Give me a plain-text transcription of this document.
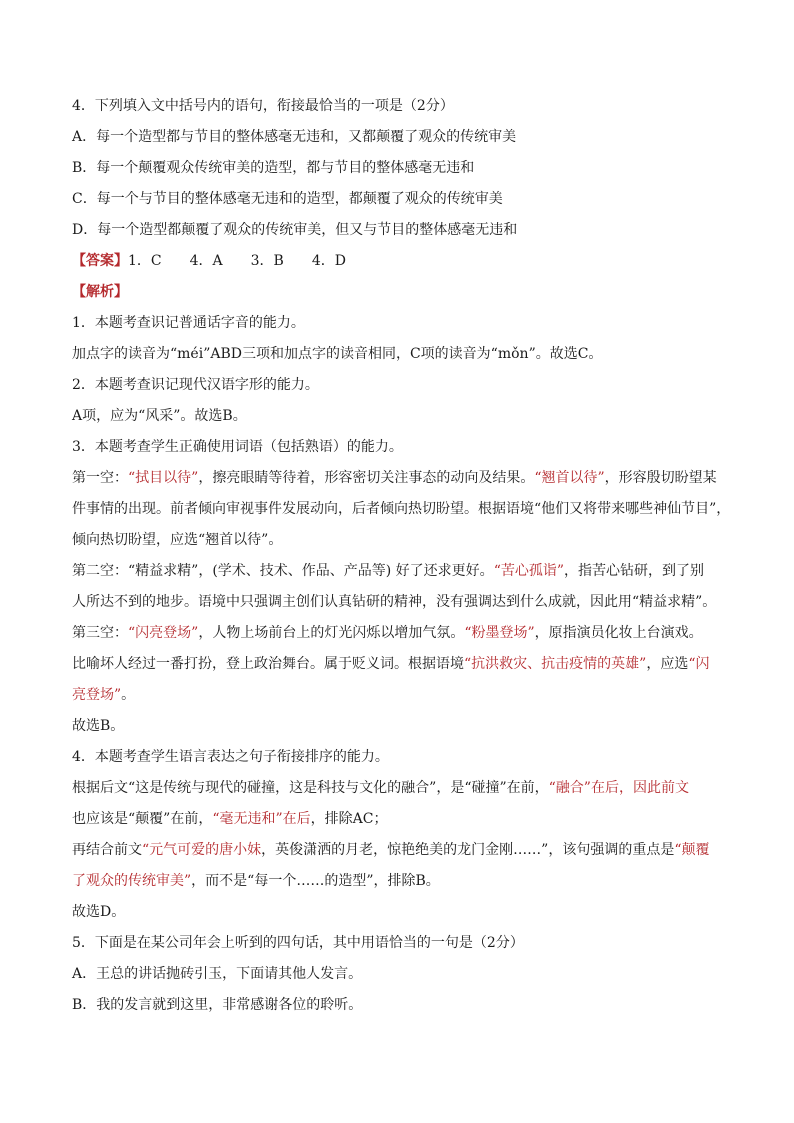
4．下列填入文中括号内的语句，衔接最恰当的一项是（2分）
A．每一个造型都与节目的整体感毫无违和，又都颠覆了观众的传统审美
B．每一个颠覆观众传统审美的造型，都与节目的整体感毫无违和
C．每一个与节目的整体感毫无违和的造型，都颠覆了观众的传统审美
D．每一个造型都颠覆了观众的传统审美，但又与节目的整体感毫无违和
【答案】1．C　　4．A　　3．B　　4．D
【解析】
1．本题考查识记普通话字音的能力。
加点字的读音为“méi”ABD三项和加点字的读音相同，C项的读音为“mǒn”。故选C。
2．本题考查识记现代汉语字形的能力。
A项，应为“风采”。故选B。
3．本题考查学生正确使用词语（包括熟语）的能力。
第一空：“拭目以待”，擦亮眼睛等待着，形容密切关注事态的动向及结果。“翘首以待”，形容殷切盼望某
件事情的出现。前者倾向审视事件发展动向，后者倾向热切盼望。根据语境“他们又将带来哪些神仙节目”，
倾向热切盼望，应选“翘首以待”。
第二空：“精益求精”，(学术、技术、作品、产品等) 好了还求更好。“苦心孤诣”，指苦心钻研，到了别
人所达不到的地步。语境中只强调主创们认真钻研的精神，没有强调达到什么成就，因此用“精益求精”。
第三空：“闪亮登场”，人物上场前台上的灯光闪烁以增加气氛。“粉墨登场”，原指演员化妆上台演戏。
比喻坏人经过一番打扮，登上政治舞台。属于贬义词。根据语境“抗洪救灾、抗击疫情的英雄”，应选“闪
亮登场”。
故选B。
4．本题考查学生语言表达之句子衔接排序的能力。
根据后文“这是传统与现代的碰撞，这是科技与文化的融合”，是“碰撞”在前，“融合”在后，因此前文
也应该是“颠覆”在前，“毫无违和”在后，排除AC；
再结合前文“元气可爱的唐小妹，英俊潇洒的月老，惊艳绝美的龙门金刚……”，该句强调的重点是“颠覆
了观众的传统审美”，而不是“每一个……的造型”，排除B。
故选D。
5．下面是在某公司年会上听到的四句话，其中用语恰当的一句是（2分）
A．王总的讲话抛砖引玉，下面请其他人发言。
B．我的发言就到这里，非常感谢各位的聆听。
